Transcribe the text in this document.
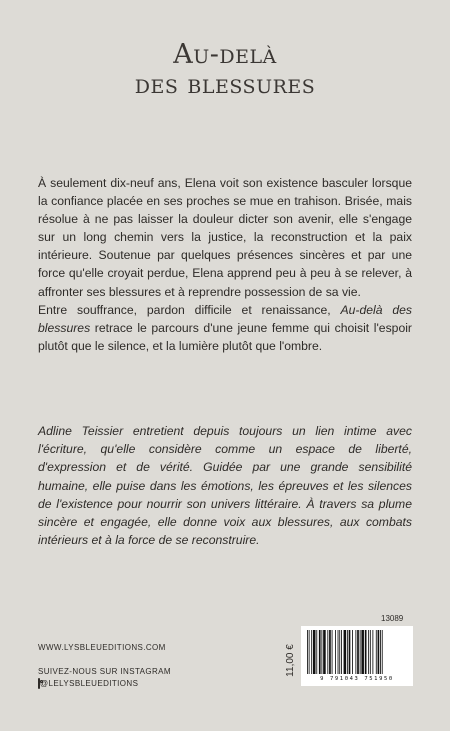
Au-delà
des blessures

À seulement dix-neuf ans, Elena voit son existence basculer lorsque la confiance placée en ses proches se mue en trahison. Brisée, mais résolue à ne pas laisser la douleur dicter son avenir, elle s'engage sur un long chemin vers la justice, la reconstruction et la paix intérieure. Soutenue par quelques présences sincères et par une force qu'elle croyait perdue, Elena apprend peu à peu à se relever, à affronter ses blessures et à reprendre possession de sa vie.

Entre souffrance, pardon difficile et renaissance, Au-delà des blessures retrace le parcours d'une jeune femme qui choisit l'espoir plutôt que le silence, et la lumière plutôt que l'ombre.

Adline Teissier entretient depuis toujours un lien intime avec l'écriture, qu'elle considère comme un espace de liberté, d'expression et de vérité. Guidée par une grande sensibilité humaine, elle puise dans les émotions, les épreuves et les silences de l'existence pour nourrir son univers littéraire. À travers sa plume sincère et engagée, elle donne voix aux blessures, aux combats intérieurs et à la force de se reconstruire.

WWW.LYSBLEUEDITIONS.COM
SUIVEZ-NOUS SUR INSTAGRAM
@LELYSBLEUEDITIONS
13089
11,00 €
9 791043 751950
